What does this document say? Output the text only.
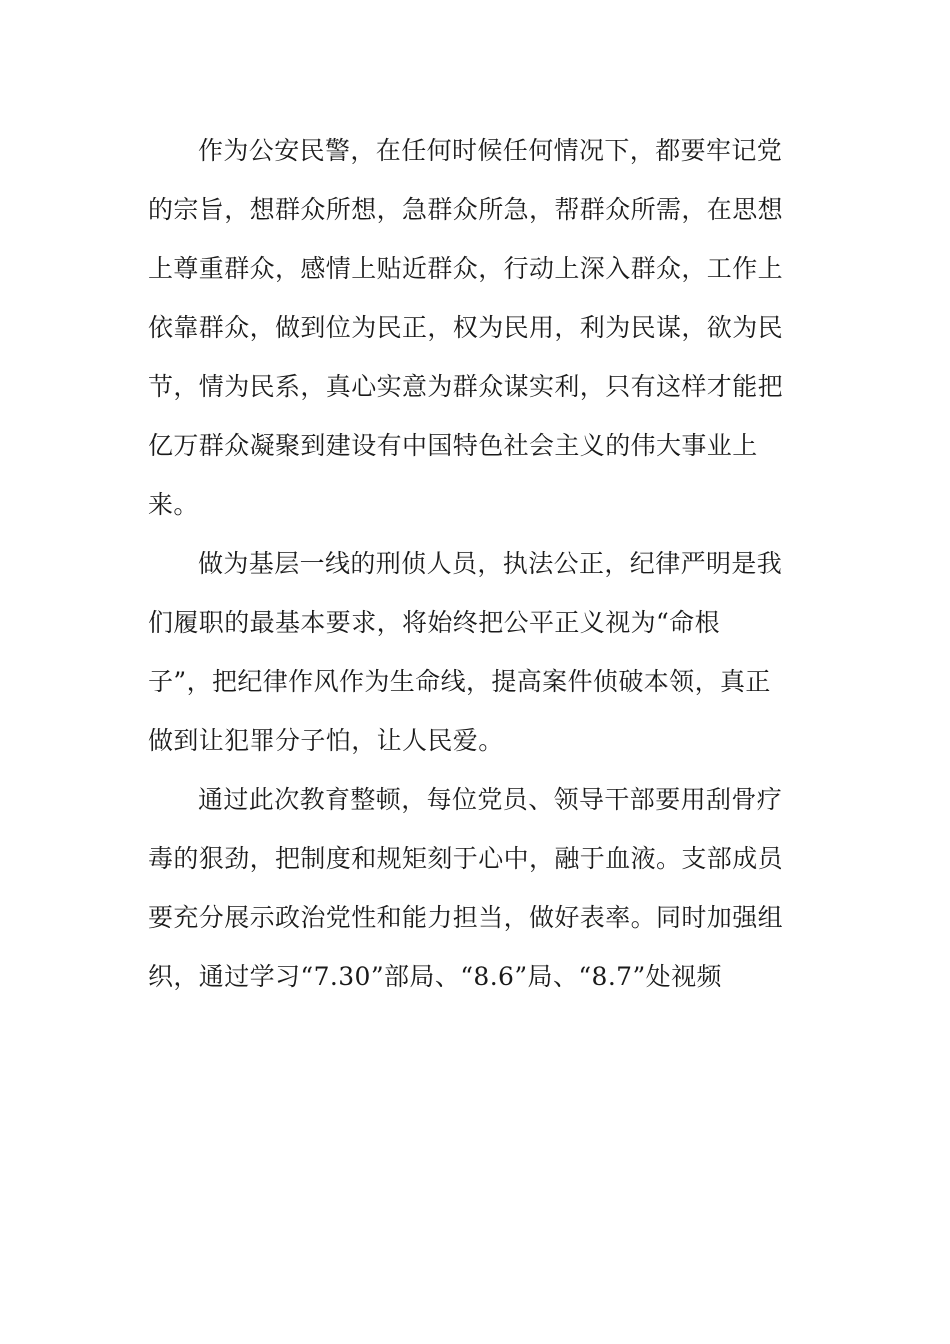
作为公安民警，在任何时候任何情况下，都要牢记党
的宗旨，想群众所想，急群众所急，帮群众所需，在思想
上尊重群众，感情上贴近群众，行动上深入群众，工作上
依靠群众，做到位为民正，权为民用，利为民谋，欲为民
节，情为民系，真心实意为群众谋实利，只有这样才能把
亿万群众凝聚到建设有中国特色社会主义的伟大事业上
来。
做为基层一线的刑侦人员，执法公正，纪律严明是我
们履职的最基本要求，将始终把公平正义视为“命根
子”，把纪律作风作为生命线，提高案件侦破本领，真正
做到让犯罪分子怕，让人民爱。
通过此次教育整顿，每位党员、领导干部要用刮骨疗
毒的狠劲，把制度和规矩刻于心中，融于血液。支部成员
要充分展示政治党性和能力担当，做好表率。同时加强组
织，通过学习“7.30”部局、“8.6”局、“8.7”处视频
